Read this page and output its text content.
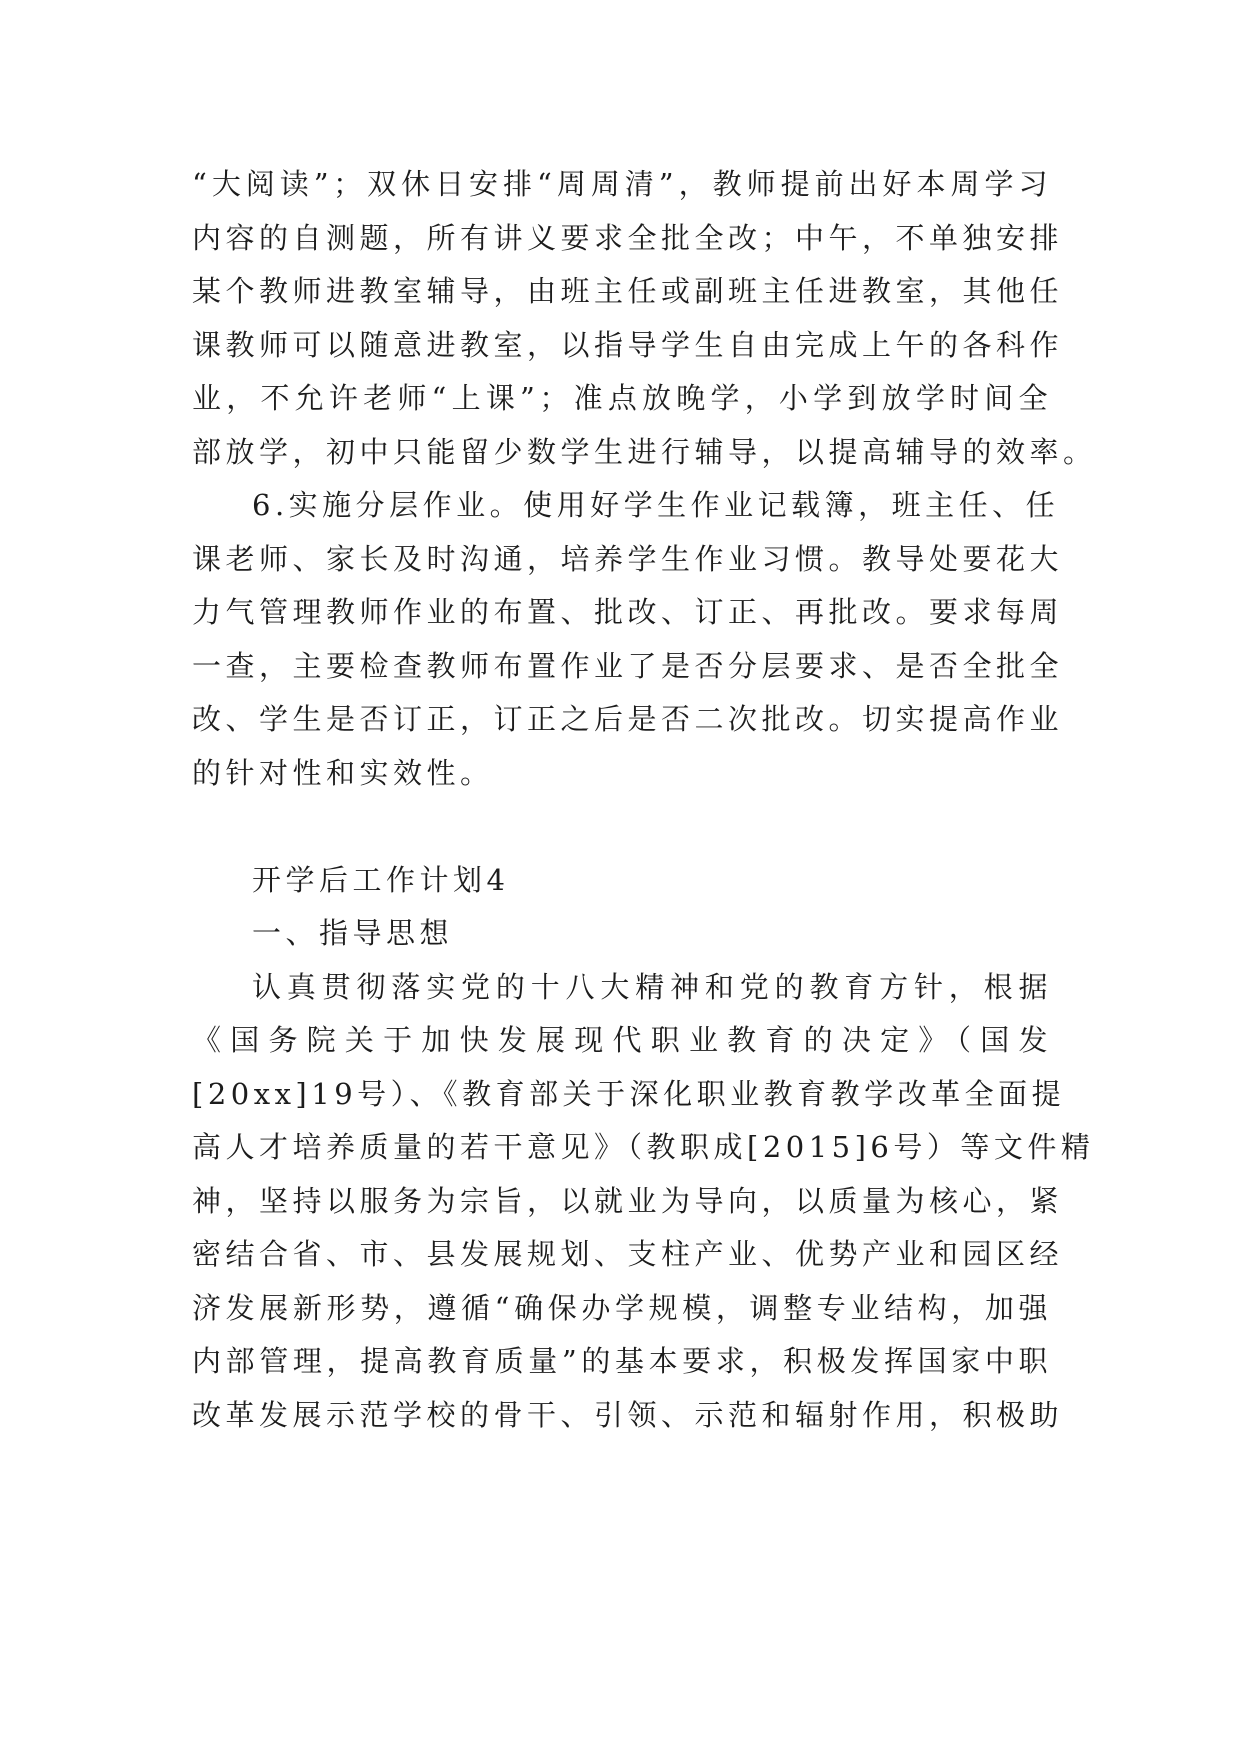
“大阅读”；双休日安排“周周清”，教师提前出好本周学习
内容的自测题，所有讲义要求全批全改；中午，不单独安排
某个教师进教室辅导，由班主任或副班主任进教室，其他任
课教师可以随意进教室，以指导学生自由完成上午的各科作
业，不允许老师“上课”；准点放晚学，小学到放学时间全
部放学，初中只能留少数学生进行辅导，以提高辅导的效率。
6.实施分层作业。使用好学生作业记载簿，班主任、任
课老师、家长及时沟通，培养学生作业习惯。教导处要花大
力气管理教师作业的布置、批改、订正、再批改。要求每周
一查，主要检查教师布置作业了是否分层要求、是否全批全
改、学生是否订正，订正之后是否二次批改。切实提高作业
的针对性和实效性。
开学后工作计划4
一、指导思想
认真贯彻落实党的十八大精神和党的教育方针，根据
《国务院关于加快发展现代职业教育的决定》（国发
[20xx]19号）、《教育部关于深化职业教育教学改革全面提
高人才培养质量的若干意见》（教职成[2015]6号）等文件精
神，坚持以服务为宗旨，以就业为导向，以质量为核心，紧
密结合省、市、县发展规划、支柱产业、优势产业和园区经
济发展新形势，遵循“确保办学规模，调整专业结构，加强
内部管理，提高教育质量”的基本要求，积极发挥国家中职
改革发展示范学校的骨干、引领、示范和辐射作用，积极助
